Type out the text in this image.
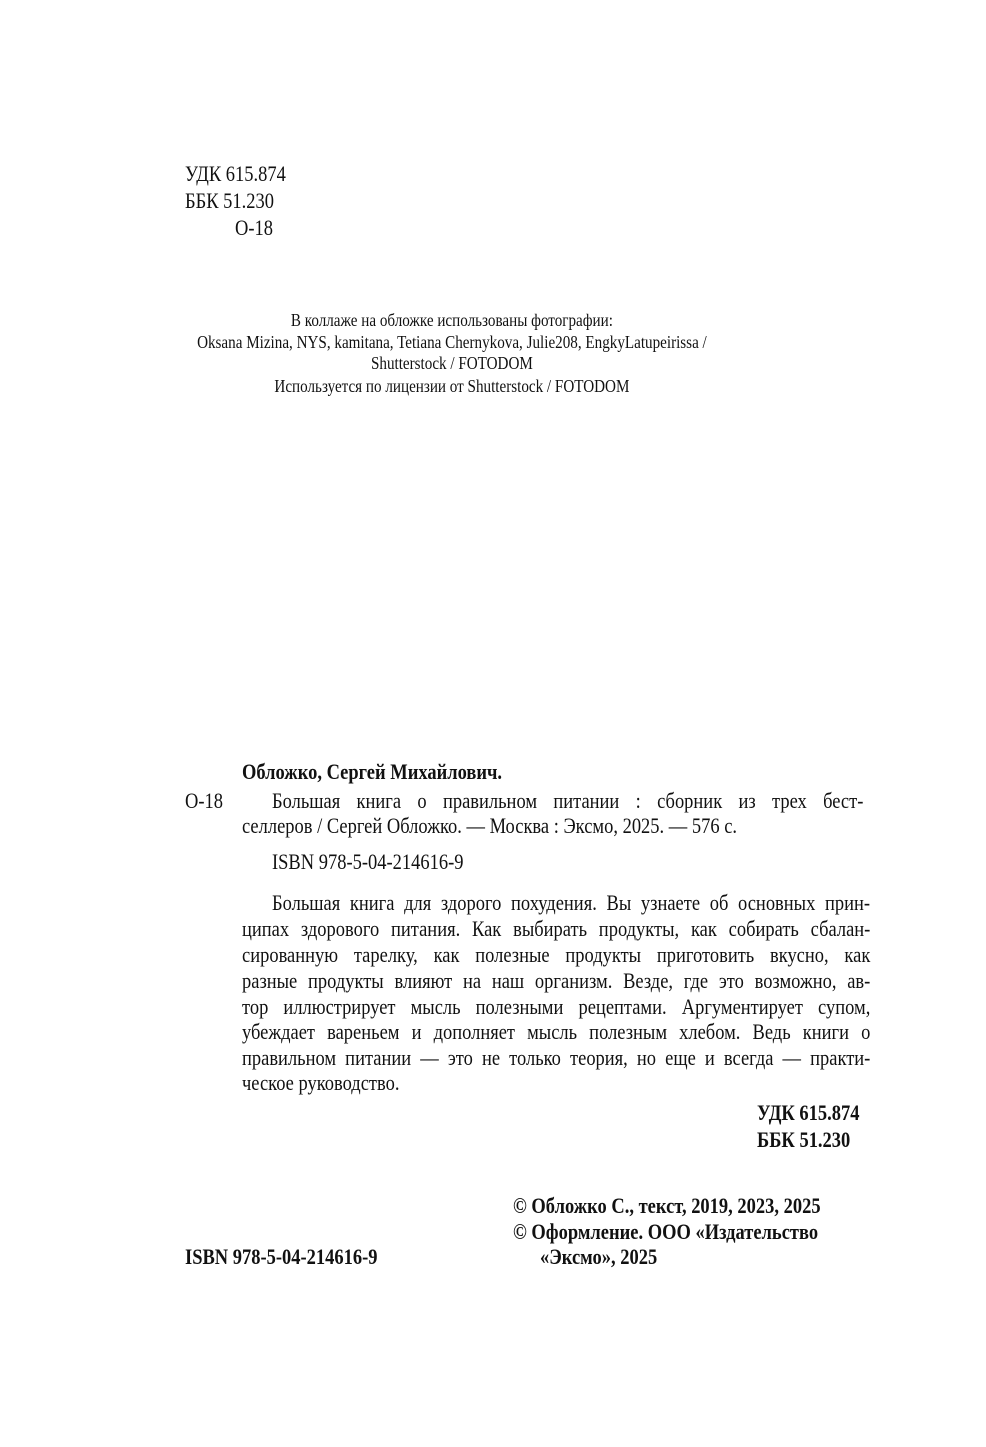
УДК 615.874
ББК 51.230
О-18
В коллаже на обложке использованы фотографии:
Oksana Mizina, NYS, kamitana, Tetiana Chernykova, Julie208, EngkyLatupeirissa /
Shutterstock / FOTODOM
Используется по лицензии от Shutterstock / FOTODOM
Обложко, Сергей Михайлович.
О-18 Большая книга о правильном питании : сборник из трех бест-
селлеров / Сергей Обложко. — Москва : Эксмо, 2025. — 576 с.
ISBN 978-5-04-214616-9
Большая книга для здорого похудения. Вы узнаете об основных прин-
ципах здорового питания. Как выбирать продукты, как собирать сбалан-
сированную тарелку, как полезные продукты приготовить вкусно, как
разные продукты влияют на наш организм. Везде, где это возможно, ав-
тор иллюстрирует мысль полезными рецептами. Аргументирует супом,
убеждает вареньем и дополняет мысль полезным хлебом. Ведь книги о
правильном питании — это не только теория, но еще и всегда — практи-
ческое руководство.
УДК 615.874
ББК 51.230
ISBN 978-5-04-214616-9
© Обложко С., текст, 2019, 2023, 2025
© Оформление. ООО «Издательство
«Эксмо», 2025
